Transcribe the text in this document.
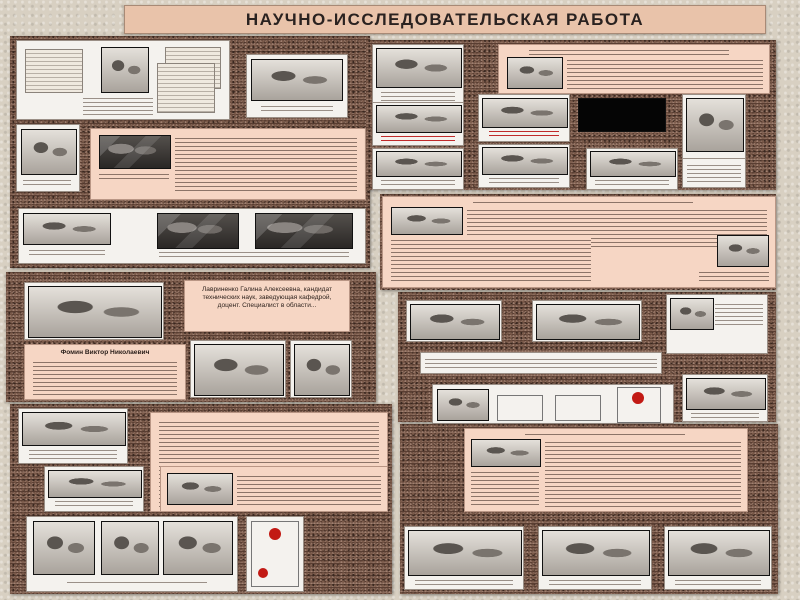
НАУЧНО-ИССЛЕДОВАТЕЛЬСКАЯ РАБОТА
Лавриненко Галина Алексеевна, кандидат технических наук, заведующая кафедрой, доцент. Специалист в области...
Фомин Виктор Николаевич
